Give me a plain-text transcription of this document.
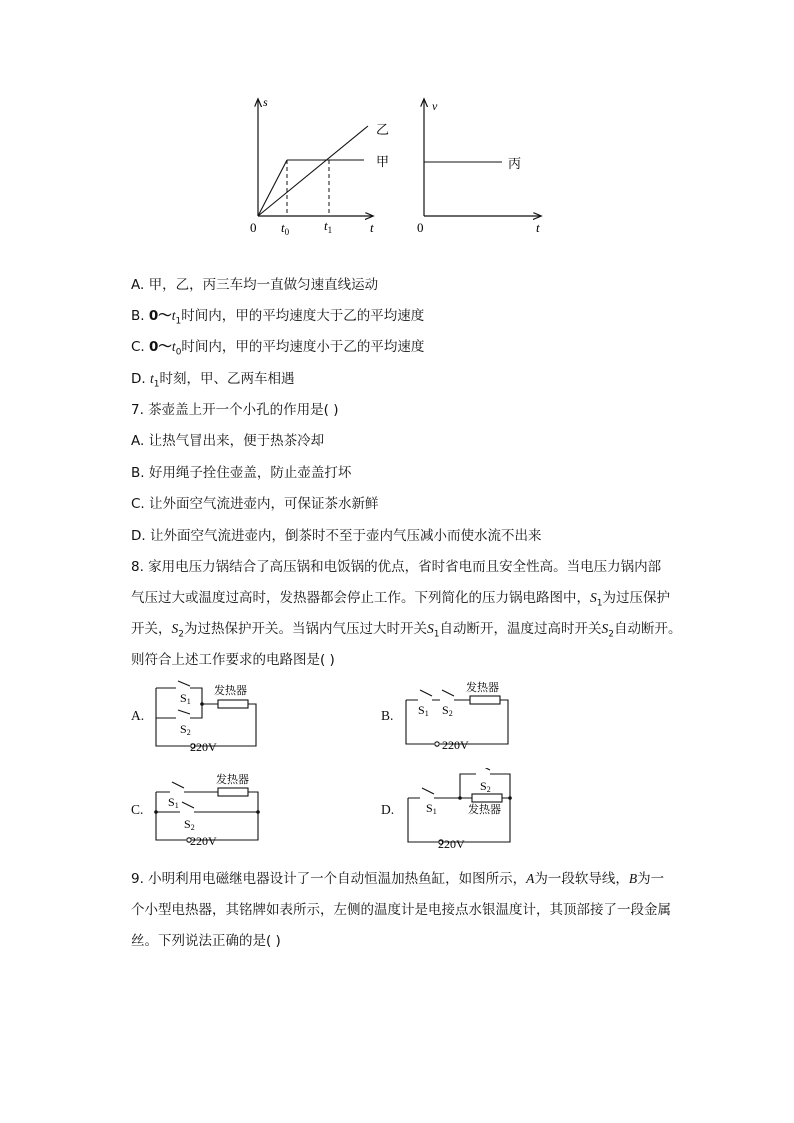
s
t
0 $t_0$	$t_1$
乙
甲
v
t
0
丙
A. 甲，乙，丙三车均一直做匀速直线运动
B. $0\sim t_1$时间内，甲的平均速度大于乙的平均速度
C. $0\sim t_0$时间内，甲的平均速度小于乙的平均速度
D. $t_1$时刻，甲、乙两车相遇
7. 茶壶盖上开一个小孔的作用是( )
A. 让热气冒出来，便于热茶冷却
B. 好用绳子拴住壶盖，防止壶盖打坏
C. 让外面空气流进壶内，可保证茶水新鲜
D. 让外面空气流进壶内，倒茶时不至于壶内气压减小而使水流不出来
8. 家用电压力锅结合了高压锅和电饭锅的优点，省时省电而且安全性高。当电压力锅内部
气压过大或温度过高时，发热器都会停止工作。下列简化的压力锅电路图中，$S_1$为过压保护
开关，$S_2$为过热保护开关。当锅内气压过大时开关$S_1$自动断开，温度过高时开关$S_2$自动断开。
则符合上述工作要求的电路图是( )
A.
S1
S2
发热器
220V
B. S1 S2
发热器
220V
C. S1
S2
发热器
220V
D.	S1
S2
发热器
220V
9. 小明利用电磁继电器设计了一个自动恒温加热鱼缸，如图所示，A为一段软导线，B为一
个小型电热器，其铭牌如表所示，左侧的温度计是电接点水银温度计，其顶部接了一段金属
丝。下列说法正确的是( )
